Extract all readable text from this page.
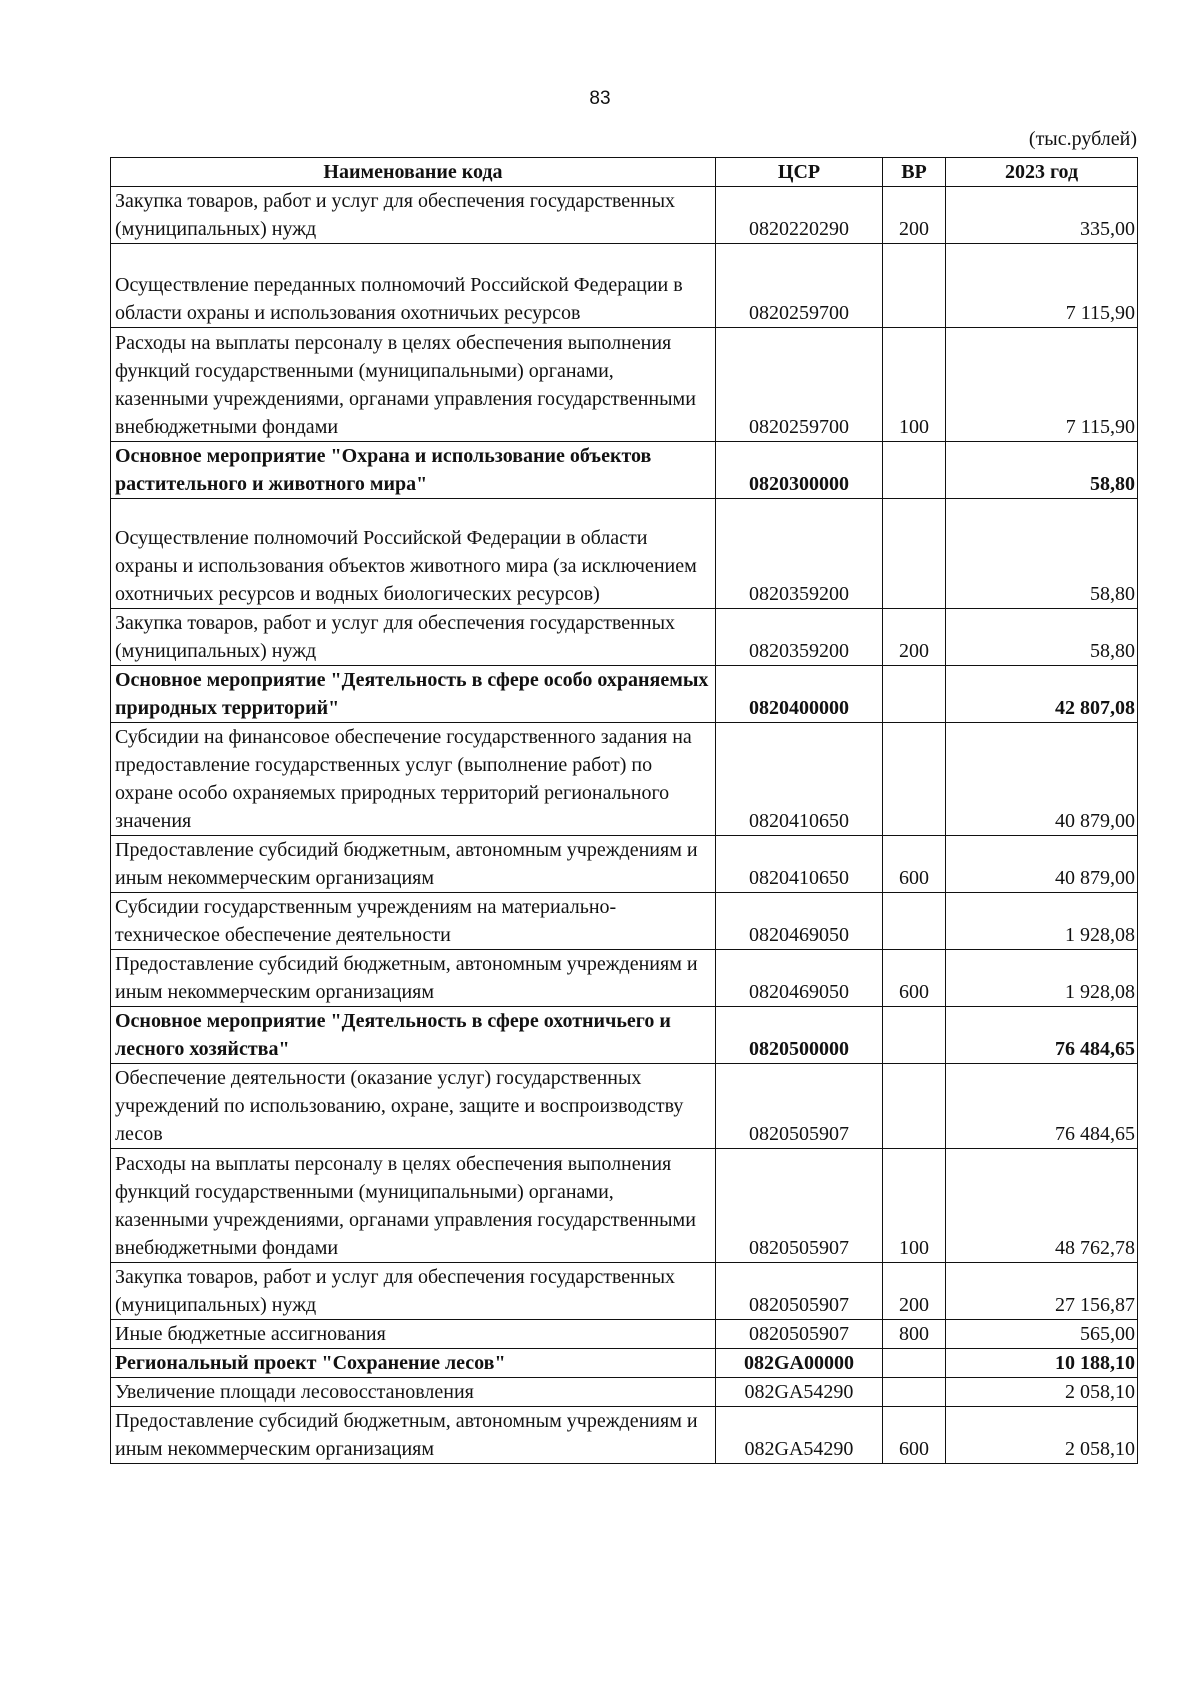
83
(тыс.рублей)
Наименование кода	ЦСР	ВР	2023 год
Закупка товаров, работ и услуг для обеспечения государственных (муниципальных) нужд	0820220290	200	335,00
Осуществление переданных полномочий Российской Федерации в области охраны и использования охотничьих ресурсов	0820259700		7 115,90
Расходы на выплаты персоналу в целях обеспечения выполнения функций государственными (муниципальными) органами, казенными учреждениями, органами управления государственными внебюджетными фондами	0820259700	100	7 115,90
Основное мероприятие "Охрана и использование объектов растительного и животного мира"	0820300000		58,80
Осуществление полномочий Российской Федерации в области охраны и использования объектов животного мира (за исключением охотничьих ресурсов и водных биологических ресурсов)	0820359200		58,80
Закупка товаров, работ и услуг для обеспечения государственных (муниципальных) нужд	0820359200	200	58,80
Основное мероприятие "Деятельность в сфере особо охраняемых природных территорий"	0820400000		42 807,08
Субсидии на финансовое обеспечение государственного задания на предоставление государственных услуг (выполнение работ) по охране особо охраняемых природных территорий регионального значения	0820410650		40 879,00
Предоставление субсидий бюджетным, автономным учреждениям и иным некоммерческим организациям	0820410650	600	40 879,00
Субсидии государственным учреждениям на материально-техническое обеспечение деятельности	0820469050		1 928,08
Предоставление субсидий бюджетным, автономным учреждениям и иным некоммерческим организациям	0820469050	600	1 928,08
Основное мероприятие "Деятельность в сфере охотничьего и лесного хозяйства"	0820500000		76 484,65
Обеспечение деятельности (оказание услуг) государственных учреждений по использованию, охране, защите и воспроизводству лесов	0820505907		76 484,65
Расходы на выплаты персоналу в целях обеспечения выполнения функций государственными (муниципальными) органами, казенными учреждениями, органами управления государственными внебюджетными фондами	0820505907	100	48 762,78
Закупка товаров, работ и услуг для обеспечения государственных (муниципальных) нужд	0820505907	200	27 156,87
Иные бюджетные ассигнования	0820505907	800	565,00
Региональный проект "Сохранение лесов"	082GA00000		10 188,10
Увеличение площади лесовосстановления	082GA54290		2 058,10
Предоставление субсидий бюджетным, автономным учреждениям и иным некоммерческим организациям	082GA54290	600	2 058,10
